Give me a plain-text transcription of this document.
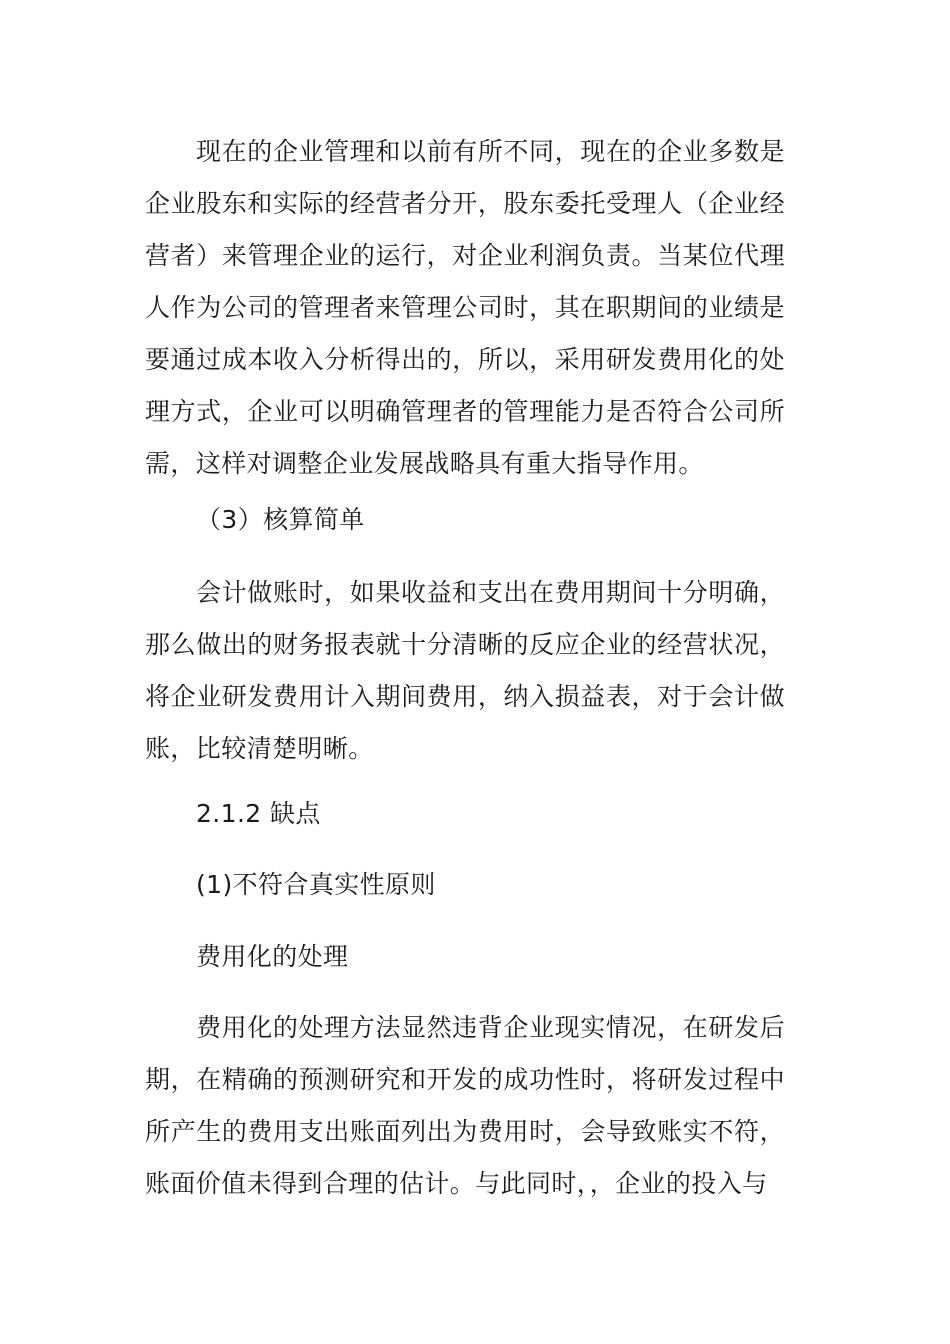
现在的企业管理和以前有所不同，现在的企业多数是企业股东和实际的经营者分开，股东委托受理人（企业经营者）来管理企业的运行，对企业利润负责。当某位代理人作为公司的管理者来管理公司时，其在职期间的业绩是要通过成本收入分析得出的，所以，采用研发费用化的处理方式，企业可以明确管理者的管理能力是否符合公司所需，这样对调整企业发展战略具有重大指导作用。

（3）核算简单

会计做账时，如果收益和支出在费用期间十分明确，那么做出的财务报表就十分清晰的反应企业的经营状况，将企业研发费用计入期间费用，纳入损益表，对于会计做账，比较清楚明晰。

2.1.2 缺点

(1)不符合真实性原则

费用化的处理

费用化的处理方法显然违背企业现实情况，在研发后期，在精确的预测研究和开发的成功性时，将研发过程中所产生的费用支出账面列出为费用时，会导致账实不符，账面价值未得到合理的估计。与此同时，，企业的投入与
